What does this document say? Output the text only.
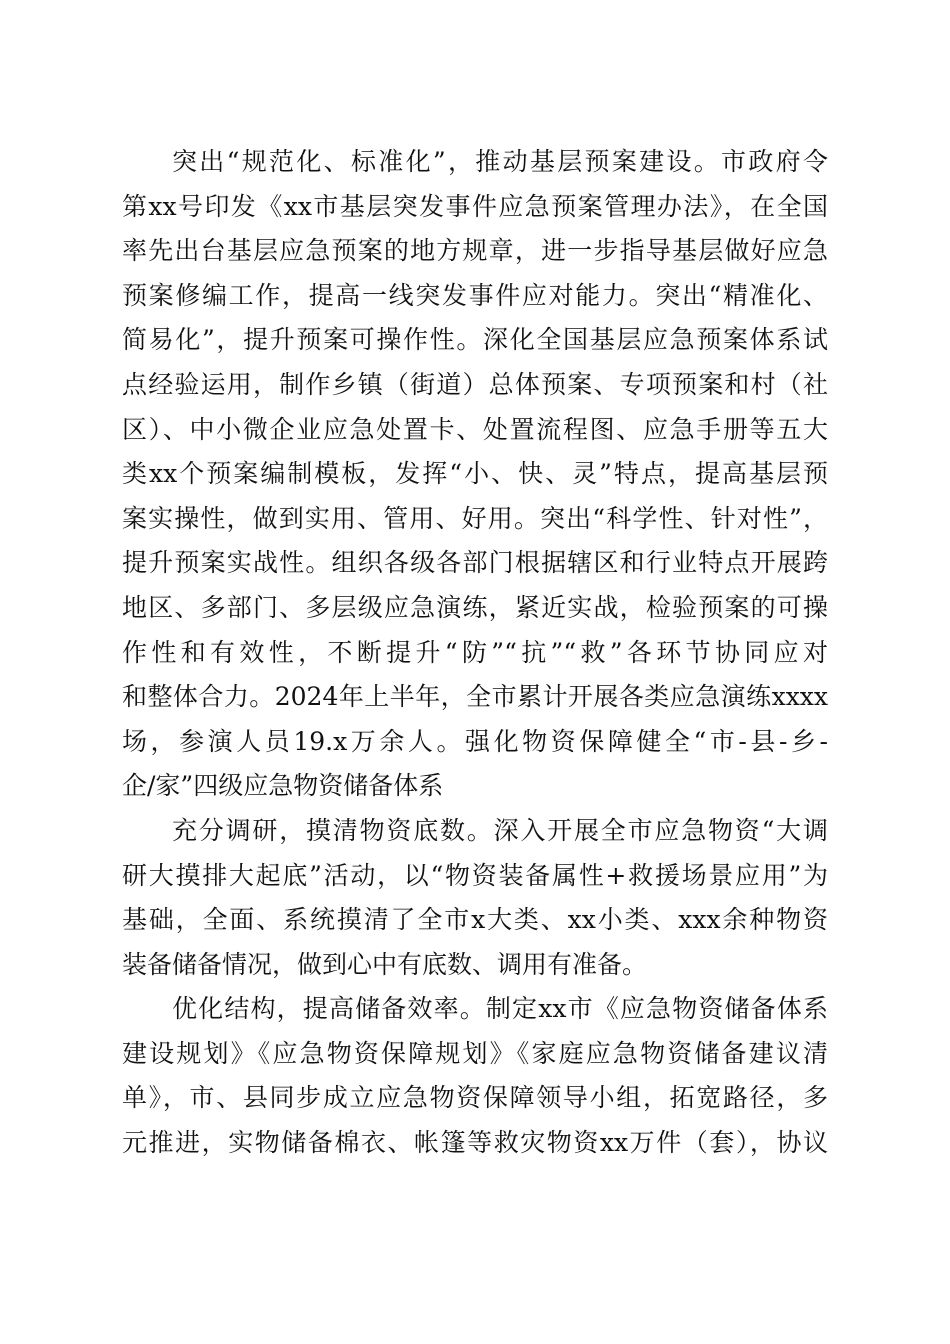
突出“规范化、标准化”，推动基层预案建设。市政府令
第xx号印发《xx市基层突发事件应急预案管理办法》，在全国
率先出台基层应急预案的地方规章，进一步指导基层做好应急
预案修编工作，提高一线突发事件应对能力。突出“精准化、
简易化”，提升预案可操作性。深化全国基层应急预案体系试
点经验运用，制作乡镇（街道）总体预案、专项预案和村（社
区）、中小微企业应急处置卡、处置流程图、应急手册等五大
类xx个预案编制模板，发挥“小、快、灵”特点，提高基层预
案实操性，做到实用、管用、好用。突出“科学性、针对性”，
提升预案实战性。组织各级各部门根据辖区和行业特点开展跨
地区、多部门、多层级应急演练，紧近实战，检验预案的可操
作性和有效性，不断提升“防”“抗”“救”各环节协同应对
和整体合力。2024年上半年，全市累计开展各类应急演练xxxx
场，参演人员19.x万余人。强化物资保障健全“市-县-乡-
企/家”四级应急物资储备体系
充分调研，摸清物资底数。深入开展全市应急物资“大调
研大摸排大起底”活动，以“物资装备属性+救援场景应用”为
基础，全面、系统摸清了全市x大类、xx小类、xxx余种物资
装备储备情况，做到心中有底数、调用有准备。
优化结构，提高储备效率。制定xx市《应急物资储备体系
建设规划》《应急物资保障规划》《家庭应急物资储备建议清
单》，市、县同步成立应急物资保障领导小组，拓宽路径，多
元推进，实物储备棉衣、帐篷等救灾物资xx万件（套），协议
